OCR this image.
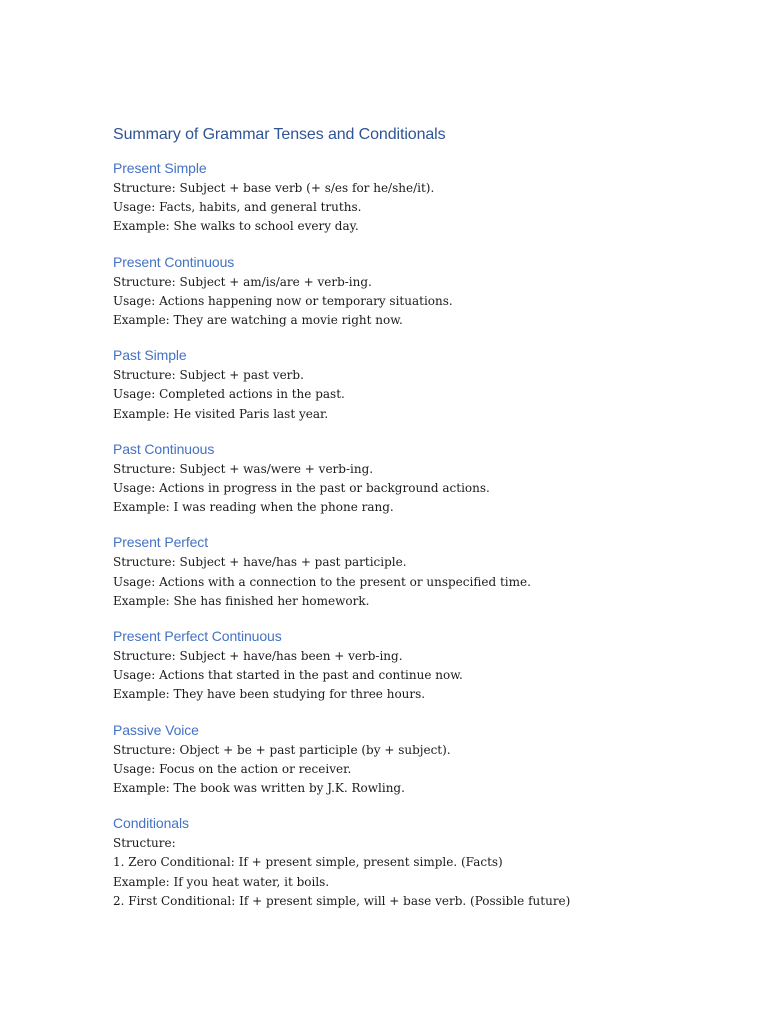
Summary of Grammar Tenses and Conditionals
Present Simple

Structure: Subject + base verb (+ s/es for he/she/it).

Usage: Facts, habits, and general truths.

Example: She walks to school every day.

Present Continuous

Structure: Subject + am/is/are + verb-ing.

Usage: Actions happening now or temporary situations.

Example: They are watching a movie right now.

Past Simple

Structure: Subject + past verb.

Usage: Completed actions in the past.

Example: He visited Paris last year.

Past Continuous

Structure: Subject + was/were + verb-ing.

Usage: Actions in progress in the past or background actions.

Example: I was reading when the phone rang.

Present Perfect

Structure: Subject + have/has + past participle.

Usage: Actions with a connection to the present or unspecified time.

Example: She has finished her homework.

Present Perfect Continuous

Structure: Subject + have/has been + verb-ing.

Usage: Actions that started in the past and continue now.

Example: They have been studying for three hours.

Passive Voice

Structure: Object + be + past participle (by + subject).

Usage: Focus on the action or receiver.

Example: The book was written by J.K. Rowling.

Conditionals

Structure:

1. Zero Conditional: If + present simple, present simple. (Facts)

Example: If you heat water, it boils.

2. First Conditional: If + present simple, will + base verb. (Possible future)
